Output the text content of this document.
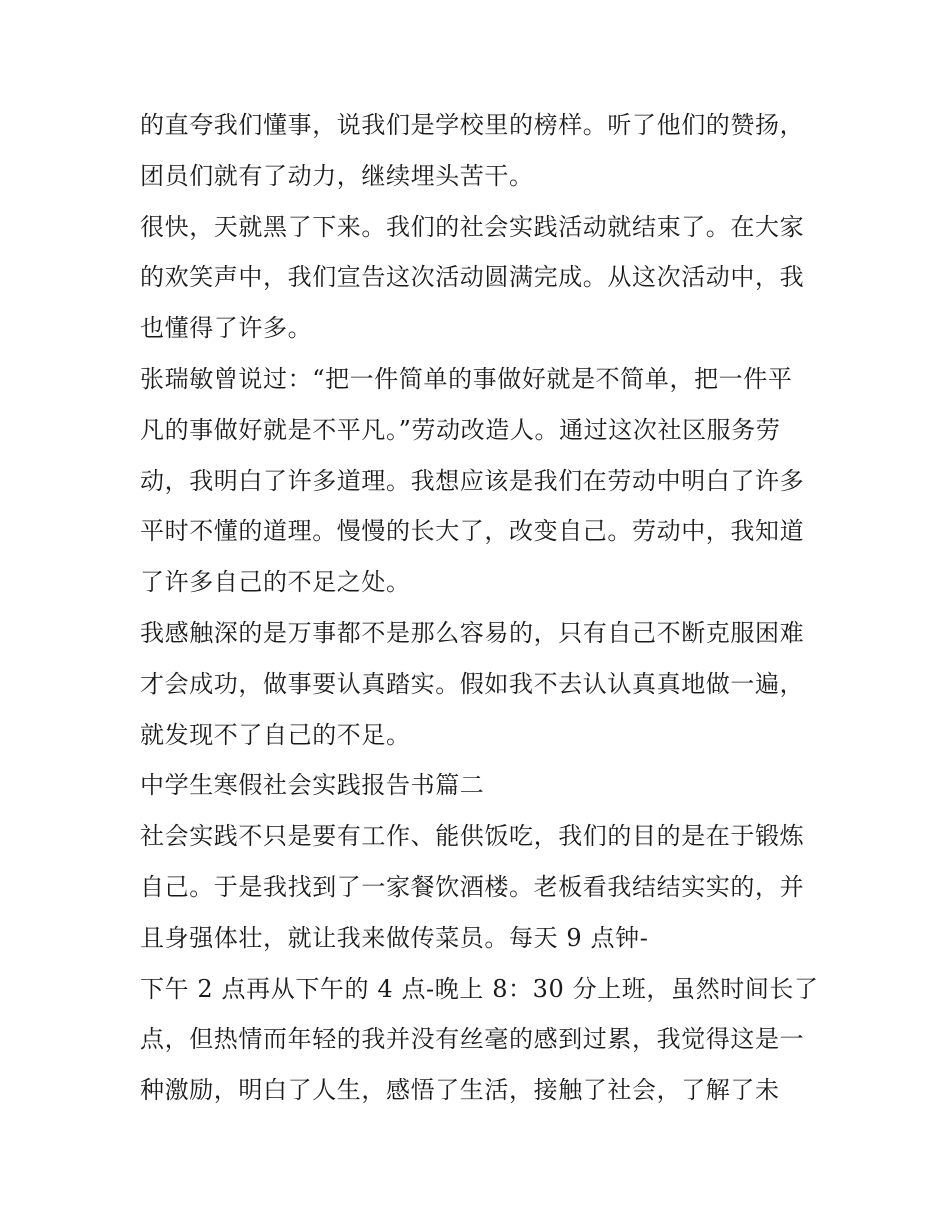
的直夸我们懂事，说我们是学校里的榜样。听了他们的赞扬，
团员们就有了动力，继续埋头苦干。
很快，天就黑了下来。我们的社会实践活动就结束了。在大家
的欢笑声中，我们宣告这次活动圆满完成。从这次活动中，我
也懂得了许多。
张瑞敏曾说过：“把一件简单的事做好就是不简单，把一件平
凡的事做好就是不平凡。”劳动改造人。通过这次社区服务劳
动，我明白了许多道理。我想应该是我们在劳动中明白了许多
平时不懂的道理。慢慢的长大了，改变自己。劳动中，我知道
了许多自己的不足之处。
我感触深的是万事都不是那么容易的，只有自己不断克服困难
才会成功，做事要认真踏实。假如我不去认认真真地做一遍，
就发现不了自己的不足。
中学生寒假社会实践报告书篇二
社会实践不只是要有工作、能供饭吃，我们的目的是在于锻炼
自己。于是我找到了一家餐饮酒楼。老板看我结结实实的，并
且身强体壮，就让我来做传菜员。每天 9 点钟-
下午 2 点再从下午的 4 点-晚上 8：30 分上班，虽然时间长了
点，但热情而年轻的我并没有丝毫的感到过累，我觉得这是一
种激励，明白了人生，感悟了生活，接触了社会，了解了未
